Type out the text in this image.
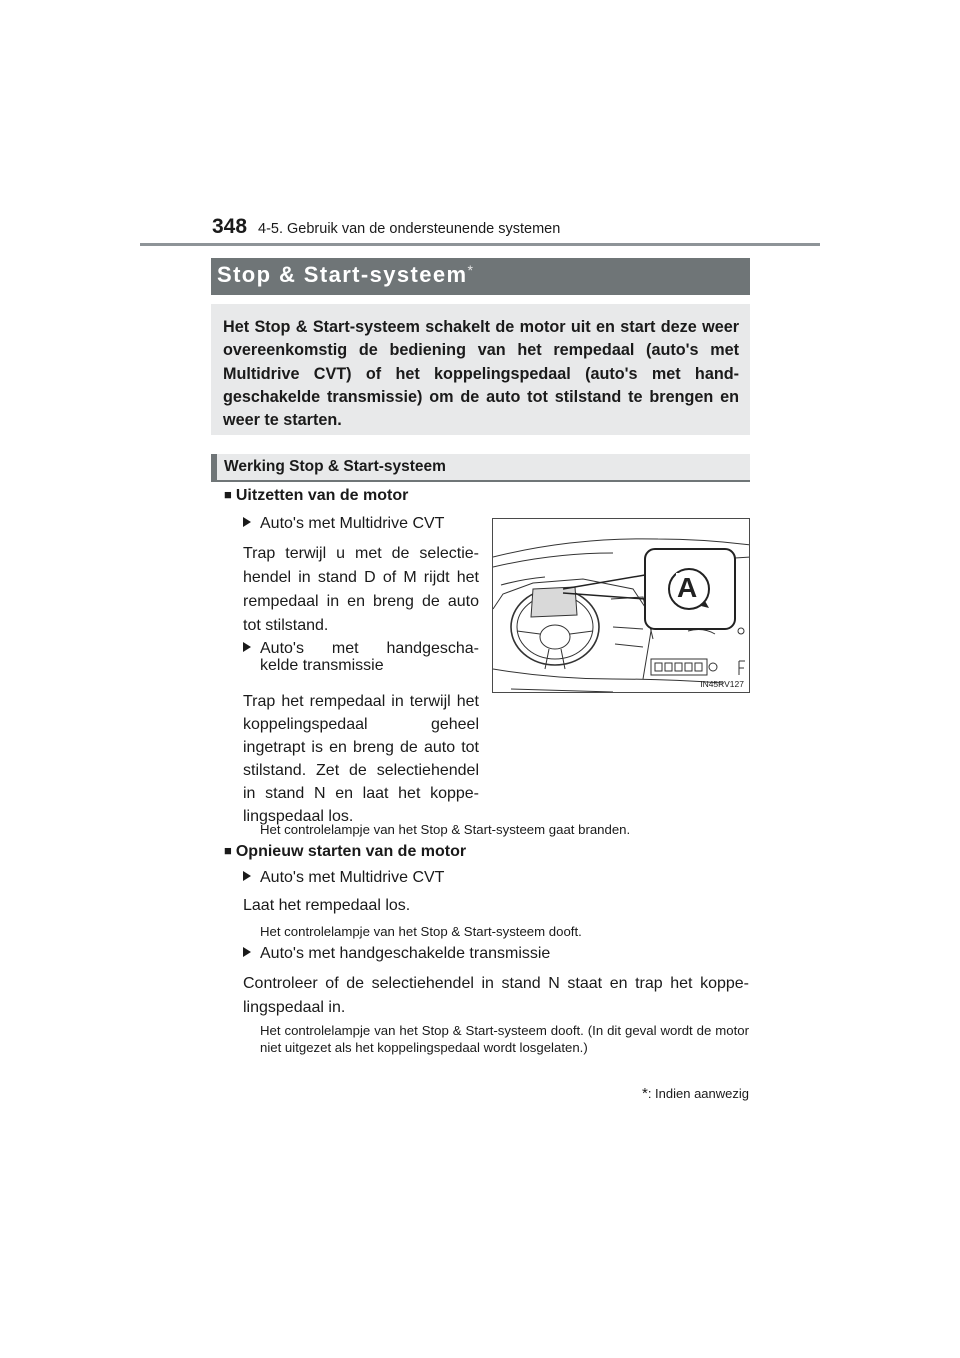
348 4-5. Gebruik van de ondersteunende systemen
Stop & Start-systeem*

Het Stop & Start-systeem schakelt de motor uit en start deze weer overeenkomstig de bediening van het rempedaal (auto's met Multidrive CVT) of het koppelingspedaal (auto's met hand-geschakelde transmissie) om de auto tot stilstand te brengen en weer te starten.

Werking Stop & Start-systeem
■ Uitzetten van de motor
Auto's met Multidrive CVT
Trap terwijl u met de selectie-hendel in stand D of M rijdt het rempedaal in en breng de auto tot stilstand.
Auto's met handgescha-
kelde transmissie
Trap het rempedaal in terwijl het koppelingspedaal geheel ingetrapt is en breng de auto tot stilstand. Zet de selectiehendel in stand N en laat het koppe-lingspedaal los.
Het controlelampje van het Stop & Start-systeem gaat branden.
A
IN45RV127
■ Opnieuw starten van de motor
Auto's met Multidrive CVT
Laat het rempedaal los.
Het controlelampje van het Stop & Start-systeem dooft.
Auto's met handgeschakelde transmissie
Controleer of de selectiehendel in stand N staat en trap het koppe-lingspedaal in.
Het controlelampje van het Stop & Start-systeem dooft. (In dit geval wordt de motor niet uitgezet als het koppelingspedaal wordt losgelaten.)
*: Indien aanwezig
